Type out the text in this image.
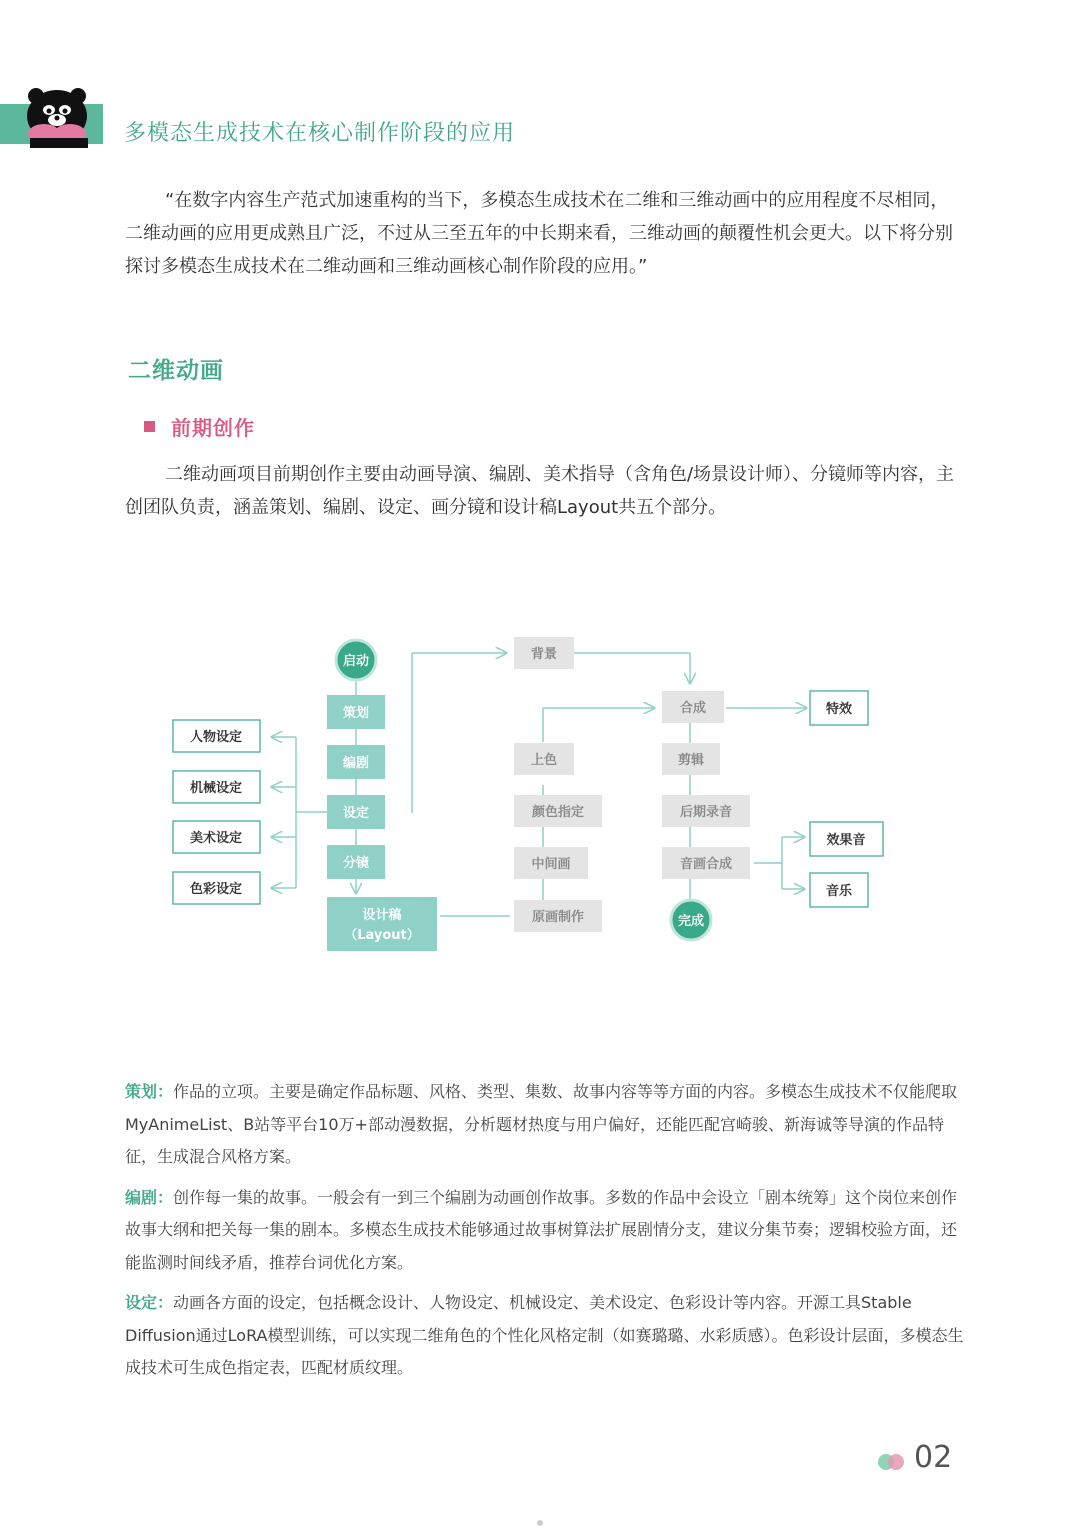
多模态生成技术在核心制作阶段的应用
“在数字内容生产范式加速重构的当下，多模态生成技术在二维和三维动画中的应用程度不尽相同，二维动画的应用更成熟且广泛，不过从三至五年的中长期来看，三维动画的颠覆性机会更大。以下将分别探讨多模态生成技术在二维动画和三维动画核心制作阶段的应用。”
二维动画
前期创作
二维动画项目前期创作主要由动画导演、编剧、美术指导（含角色/场景设计师）、分镜师等内容，主创团队负责，涵盖策划、编剧、设定、画分镜和设计稿Layout共五个部分。
启动
策划
编剧
设定
分镜
设计稿
（Layout）
人物设定
机械设定
美术设定
色彩设定
背景
上色
颜色指定
中间画
原画制作
合成
剪辑
后期录音
音画合成
完成
特效
效果音
音乐

策划：作品的立项。主要是确定作品标题、风格、类型、集数、故事内容等等方面的内容。多模态生成技术不仅能爬取MyAnimeList、B站等平台10万+部动漫数据，分析题材热度与用户偏好，还能匹配宫崎骏、新海诚等导演的作品特征，生成混合风格方案。

编剧：创作每一集的故事。一般会有一到三个编剧为动画创作故事。多数的作品中会设立「剧本统筹」这个岗位来创作故事大纲和把关每一集的剧本。多模态生成技术能够通过故事树算法扩展剧情分支，建议分集节奏；逻辑校验方面，还能监测时间线矛盾，推荐台词优化方案。

设定：动画各方面的设定，包括概念设计、人物设定、机械设定、美术设定、色彩设计等内容。开源工具Stable Diffusion通过LoRA模型训练，可以实现二维角色的个性化风格定制（如赛璐璐、水彩质感）。色彩设计层面，多模态生成技术可生成色指定表，匹配材质纹理。

02
